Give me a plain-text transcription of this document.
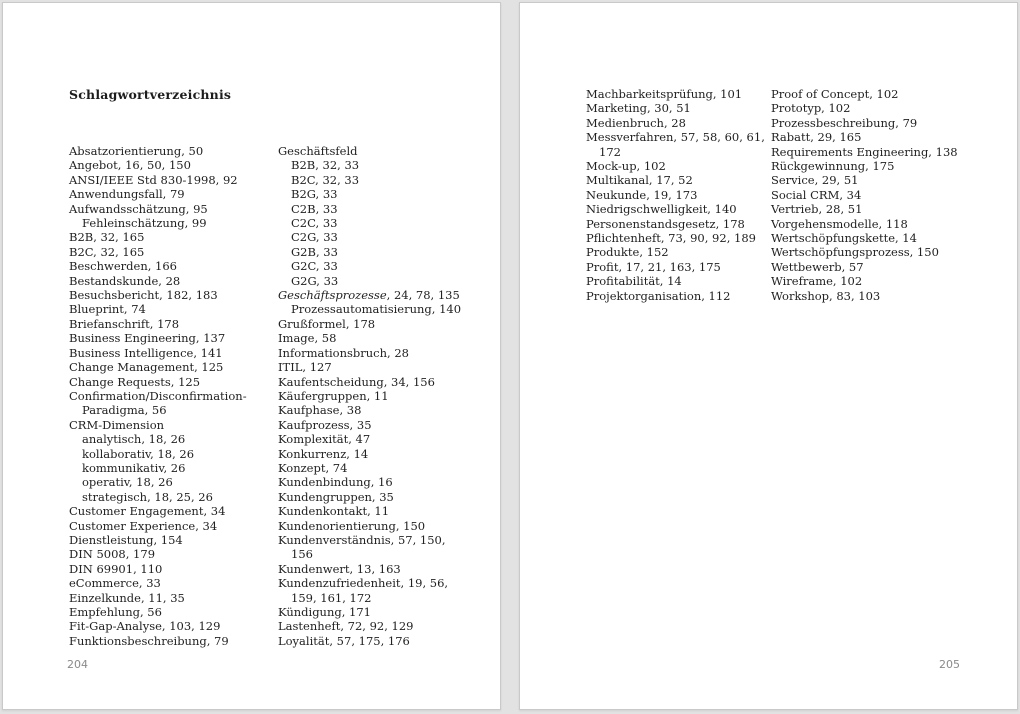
Schlagwortverzeichnis
Absatzorientierung, 50
Angebot, 16, 50, 150
ANSI/IEEE Std 830-1998, 92
Anwendungsfall, 79
Aufwandsschätzung, 95
Fehleinschätzung, 99
B2B, 32, 165
B2C, 32, 165
Beschwerden, 166
Bestandskunde, 28
Besuchsbericht, 182, 183
Blueprint, 74
Briefanschrift, 178
Business Engineering, 137
Business Intelligence, 141
Change Management, 125
Change Requests, 125
Confirmation/Disconfirmation-
Paradigma, 56
CRM-Dimension
analytisch, 18, 26
kollaborativ, 18, 26
kommunikativ, 26
operativ, 18, 26
strategisch, 18, 25, 26
Customer Engagement, 34
Customer Experience, 34
Dienstleistung, 154
DIN 5008, 179
DIN 69901, 110
eCommerce, 33
Einzelkunde, 11, 35
Empfehlung, 56
Fit-Gap-Analyse, 103, 129
Funktionsbeschreibung, 79
Geschäftsfeld
B2B, 32, 33
B2C, 32, 33
B2G, 33
C2B, 33
C2C, 33
C2G, 33
G2B, 33
G2C, 33
G2G, 33
Geschäftsprozesse, 24, 78, 135
Prozessautomatisierung, 140
Grußformel, 178
Image, 58
Informationsbruch, 28
ITIL, 127
Kaufentscheidung, 34, 156
Käufergruppen, 11
Kaufphase, 38
Kaufprozess, 35
Komplexität, 47
Konkurrenz, 14
Konzept, 74
Kundenbindung, 16
Kundengruppen, 35
Kundenkontakt, 11
Kundenorientierung, 150
Kundenverständnis, 57, 150,
156
Kundenwert, 13, 163
Kundenzufriedenheit, 19, 56,
159, 161, 172
Kündigung, 171
Lastenheft, 72, 92, 129
Loyalität, 57, 175, 176
204
Machbarkeitsprüfung, 101
Marketing, 30, 51
Medienbruch, 28
Messverfahren, 57, 58, 60, 61,
172
Mock-up, 102
Multikanal, 17, 52
Neukunde, 19, 173
Niedrigschwelligkeit, 140
Personenstandsgesetz, 178
Pflichtenheft, 73, 90, 92, 189
Produkte, 152
Profit, 17, 21, 163, 175
Profitabilität, 14
Projektorganisation, 112
Proof of Concept, 102
Prototyp, 102
Prozessbeschreibung, 79
Rabatt, 29, 165
Requirements Engineering, 138
Rückgewinnung, 175
Service, 29, 51
Social CRM, 34
Vertrieb, 28, 51
Vorgehensmodelle, 118
Wertschöpfungskette, 14
Wertschöpfungsprozess, 150
Wettbewerb, 57
Wireframe, 102
Workshop, 83, 103
205
